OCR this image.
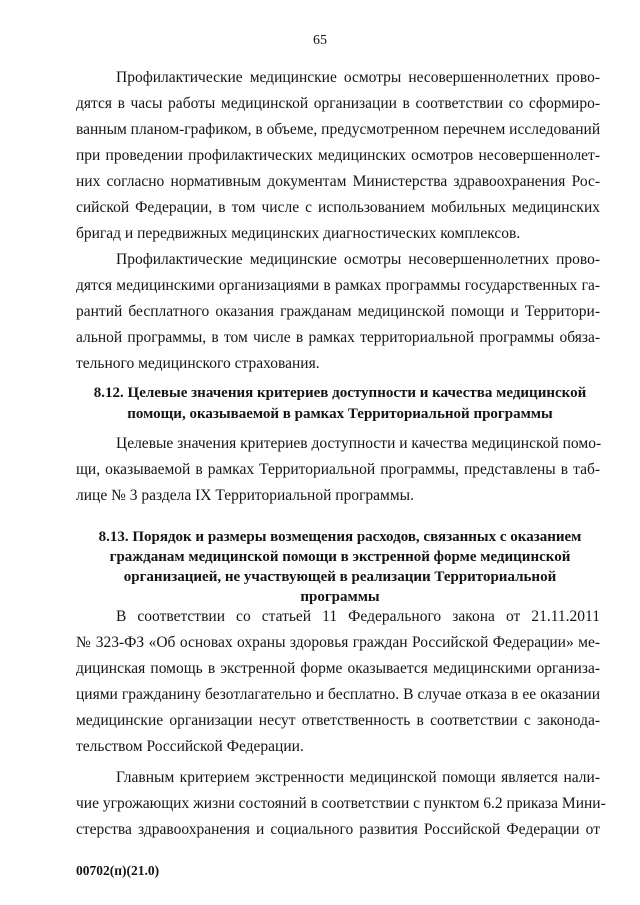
65
Профилактические медицинские осмотры несовершеннолетних прово-
дятся в часы работы медицинской организации в соответствии со сформиро-
ванным планом-графиком, в объеме, предусмотренном перечнем исследований
при проведении профилактических медицинских осмотров несовершеннолет-
них согласно нормативным документам Министерства здравоохранения Рос-
сийской Федерации, в том числе с использованием мобильных медицинских
бригад и передвижных медицинских диагностических комплексов.
Профилактические медицинские осмотры несовершеннолетних прово-
дятся медицинскими организациями в рамках программы государственных га-
рантий бесплатного оказания гражданам медицинской помощи и Территори-
альной программы, в том числе в рамках территориальной программы обяза-
тельного медицинского страхования.
8.12. Целевые значения критериев доступности и качества медицинской
помощи, оказываемой в рамках Территориальной программы
Целевые значения критериев доступности и качества медицинской помо-
щи, оказываемой в рамках Территориальной программы, представлены в таб-
лице № 3 раздела IX Территориальной программы.
8.13. Порядок и размеры возмещения расходов, связанных с оказанием
гражданам медицинской помощи в экстренной форме медицинской
организацией, не участвующей в реализации Территориальной
программы
В соответствии со статьей 11 Федерального закона от 21.11.2011
№ 323-ФЗ «Об основах охраны здоровья граждан Российской Федерации» ме-
дицинская помощь в экстренной форме оказывается медицинскими организа-
циями гражданину безотлагательно и бесплатно. В случае отказа в ее оказании
медицинские организации несут ответственность в соответствии с законода-
тельством Российской Федерации.
Главным критерием экстренности медицинской помощи является нали-
чие угрожающих жизни состояний в соответствии с пунктом 6.2 приказа Мини-
стерства здравоохранения и социального развития Российской Федерации от
00702(п)(21.0)
